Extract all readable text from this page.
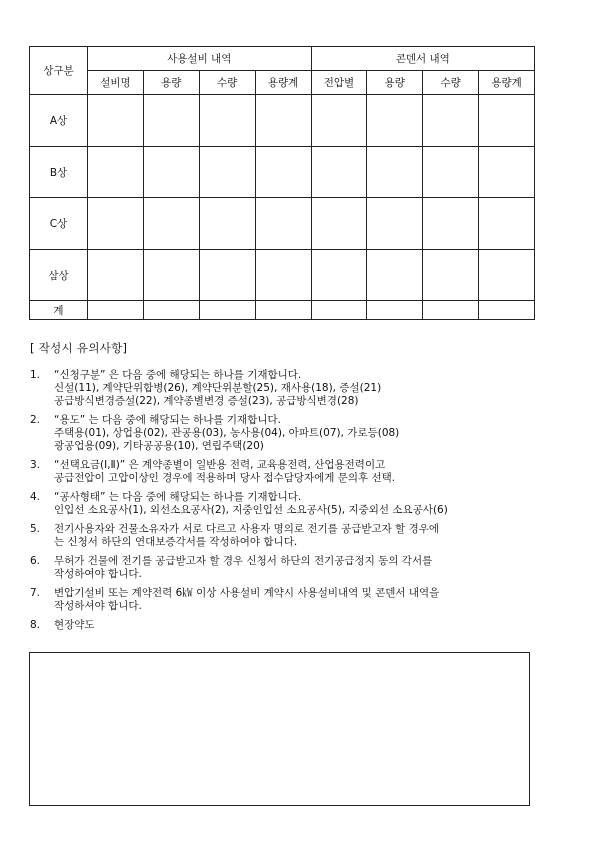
상구분	사용설비 내역				콘덴서 내역			
	설비명	용량	수량	용량계	전압별	용량	수량	용량계
A상								
B상								
C상								
삼상								
계								
[ 작성시 유의사항]
1.	“신청구분” 은 다음 중에 해당되는 하나를 기재합니다.
신설(11), 계약단위합병(26), 계약단위분할(25), 재사용(18), 증설(21)
공급방식변경증설(22), 계약종별변경 증설(23), 공급방식변경(28)
2.	“용도” 는 다음 중에 해당되는 하나를 기재합니다.
주택용(01), 상업용(02), 관공용(03), 농사용(04), 아파트(07), 가로등(08)
광공업용(09), 기타공공용(10), 연립주택(20)
3.	“선택요금(Ⅰ,Ⅱ)” 은 계약종별이 일반용 전력, 교육용전력, 산업용전력이고
공급전압이 고압이상인 경우에 적용하며 당사 접수담당자에게 문의후 선택.
4.	“공사형태” 는 다음 중에 해당되는 하나를 기재합니다.
인입선 소요공사(1), 외선소요공사(2), 지중인입선 소요공사(5), 지중외선 소요공사(6)
5.	전기사용자와 건물소유자가 서로 다르고 사용자 명의로 전기를 공급받고자 할 경우에
는 신청서 하단의 연대보증각서를 작성하여야 합니다.
6.	무허가 건물에 전기를 공급받고자 할 경우 신청서 하단의 전기공급정지 동의 각서를
작성하여야 합니다.
7.	변압기설비 또는 계약전력 6㎾ 이상 사용설비 계약시 사용설비내역 및 콘덴서 내역을
작성하셔야 합니다.
8.	현장약도
